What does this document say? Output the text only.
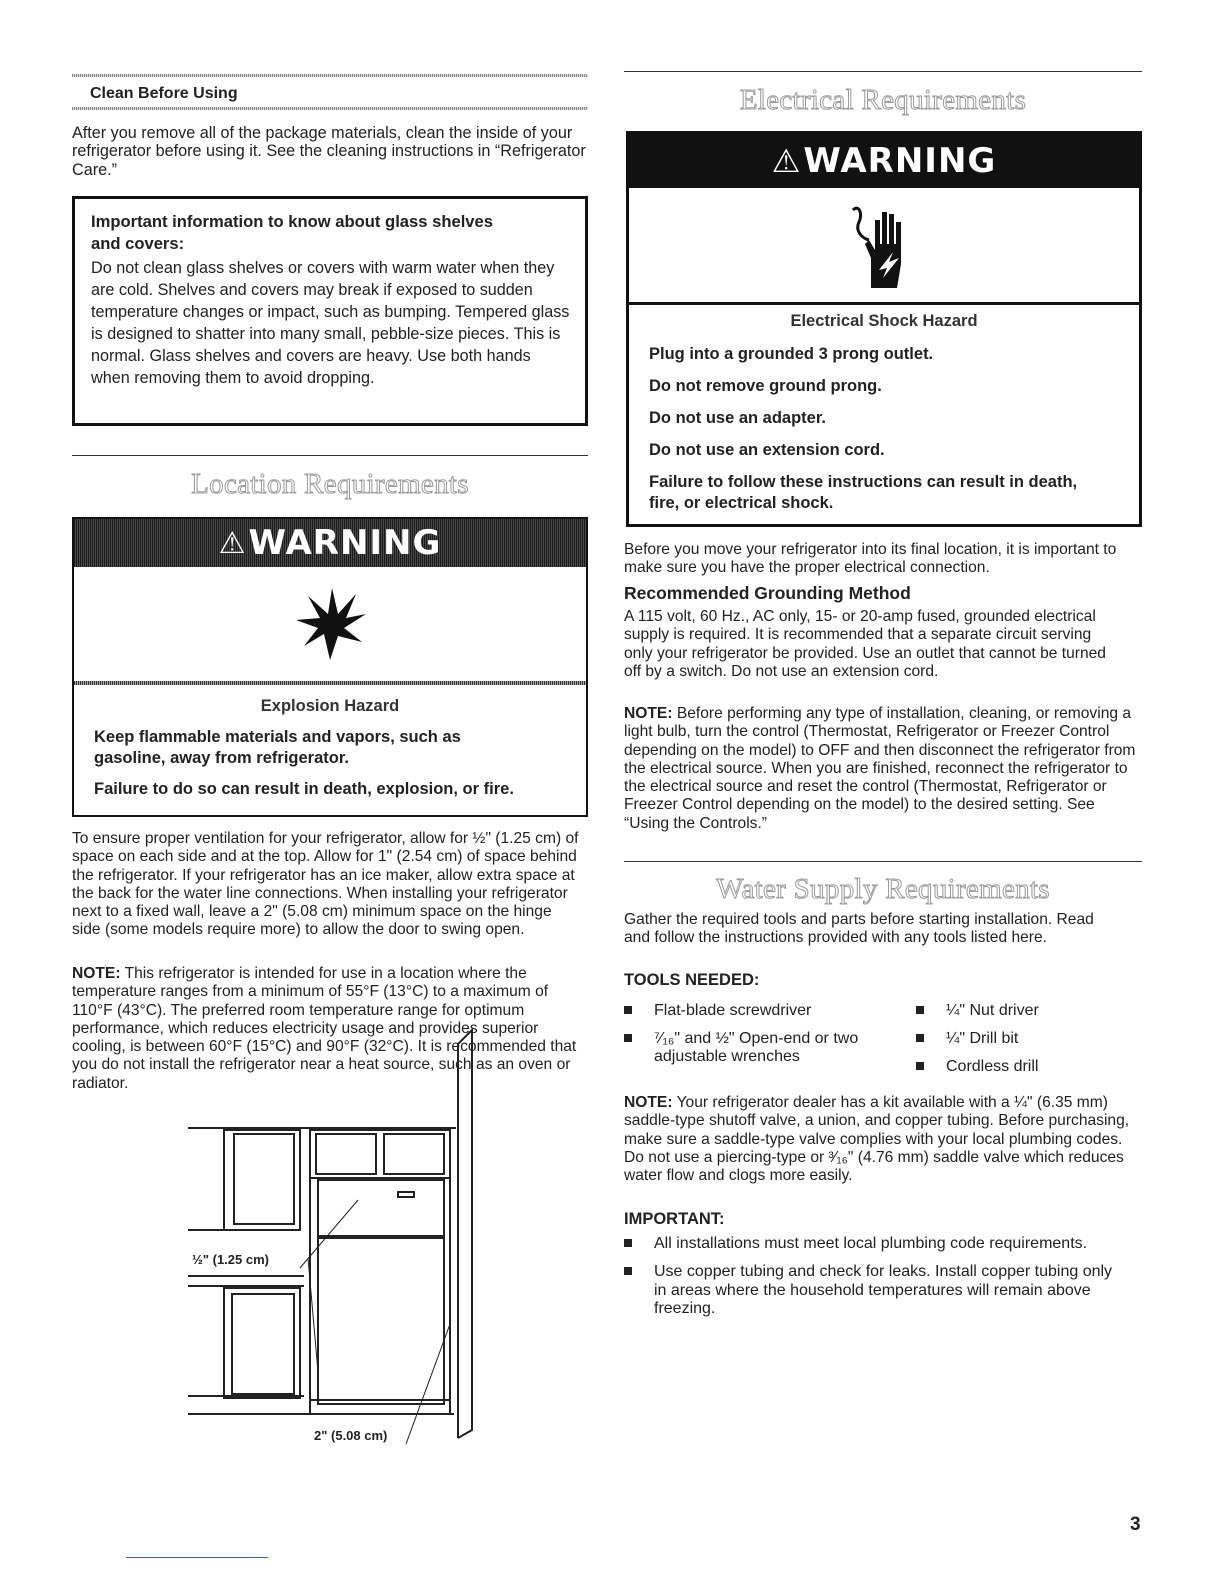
Clean Before Using

After you remove all of the package materials, clean the inside of your refrigerator before using it. See the cleaning instructions in “Refrigerator Care.”

Important information to know about glass shelves
and covers:

Do not clean glass shelves or covers with warm water when they are cold. Shelves and covers may break if exposed to sudden temperature changes or impact, such as bumping. Tempered glass is designed to shatter into many small, pebble-size pieces. This is normal. Glass shelves and covers are heavy. Use both hands when removing them to avoid dropping.

Location Requirements
⚠ WARNING
Explosion Hazard

Keep flammable materials and vapors, such as

gasoline, away from refrigerator.

Failure to do so can result in death, explosion, or fire.

To ensure proper ventilation for your refrigerator, allow for ½" (1.25 cm) of space on each side and at the top. Allow for 1" (2.54 cm) of space behind the refrigerator. If your refrigerator has an ice maker, allow extra space at the back for the water line connections. When installing your refrigerator next to a fixed wall, leave a 2" (5.08 cm) minimum space on the hinge side (some models require more) to allow the door to swing open.

NOTE: This refrigerator is intended for use in a location where the temperature ranges from a minimum of 55°F (13°C) to a maximum of 110°F (43°C). The preferred room temperature range for optimum performance, which reduces electricity usage and provides superior cooling, is between 60°F (15°C) and 90°F (32°C). It is recommended that you do not install the refrigerator near a heat source, such as an oven or radiator.

½" (1.25 cm)
2" (5.08 cm)
Electrical Requirements
⚠ WARNING
Electrical Shock Hazard

Plug into a grounded 3 prong outlet.

Do not remove ground prong.

Do not use an adapter.

Do not use an extension cord.

Failure to follow these instructions can result in death,

fire, or electrical shock.

Before you move your refrigerator into its final location, it is important to make sure you have the proper electrical connection.

Recommended Grounding Method

A 115 volt, 60 Hz., AC only, 15- or 20-amp fused, grounded electrical supply is required. It is recommended that a separate circuit serving only your refrigerator be provided. Use an outlet that cannot be turned off by a switch. Do not use an extension cord.

NOTE: Before performing any type of installation, cleaning, or removing a light bulb, turn the control (Thermostat, Refrigerator or Freezer Control depending on the model) to OFF and then disconnect the refrigerator from the electrical source. When you are finished, reconnect the refrigerator to the electrical source and reset the control (Thermostat, Refrigerator or Freezer Control depending on the model) to the desired setting. See “Using the Controls.”

Water Supply Requirements

Gather the required tools and parts before starting installation. Read and follow the instructions provided with any tools listed here.

TOOLS NEEDED:
Flat-blade screwdriver
⁷⁄₁₆" and ½" Open-end or two
adjustable wrenches
¼" Nut driver
¼" Drill bit
Cordless drill

NOTE: Your refrigerator dealer has a kit available with a ¼" (6.35 mm) saddle-type shutoff valve, a union, and copper tubing. Before purchasing, make sure a saddle-type valve complies with your local plumbing codes. Do not use a piercing-type or ³⁄₁₆" (4.76 mm) saddle valve which reduces water flow and clogs more easily.

IMPORTANT:
All installations must meet local plumbing code requirements.
Use copper tubing and check for leaks. Install copper tubing only in areas where the household temperatures will remain above freezing.
3
